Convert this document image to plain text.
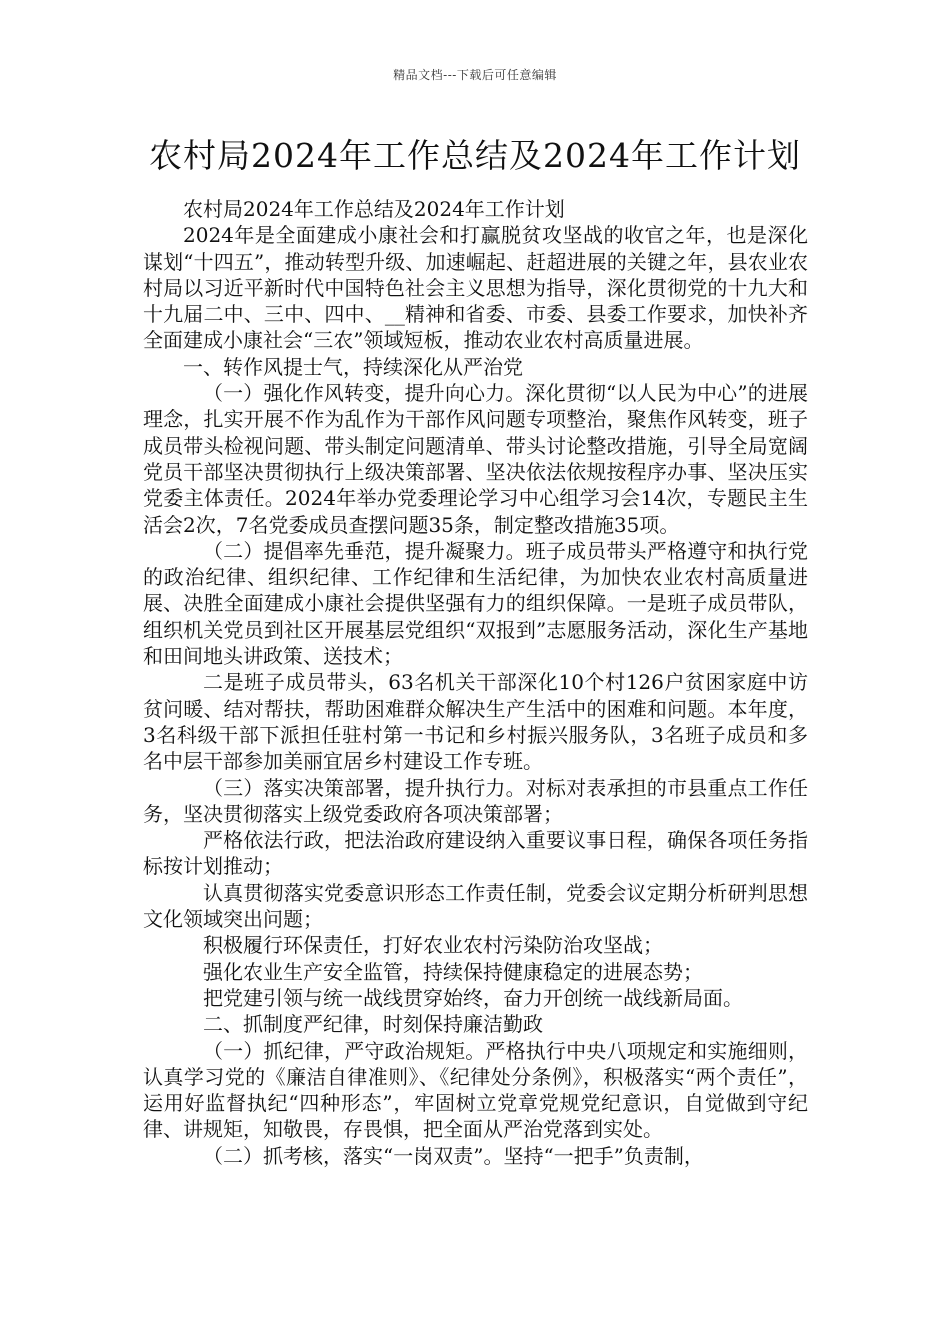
精品文档---下载后可任意编辑
农村局2024年工作总结及2024年工作计划

农村局2024年工作总结及2024年工作计划

2024年是全面建成小康社会和打赢脱贫攻坚战的收官之年，也是深化谋划“十四五”，推动转型升级、加速崛起、赶超进展的关键之年，县农业农村局以习近平新时代中国特色社会主义思想为指导，深化贯彻党的十九大和十九届二中、三中、四中、__精神和省委、市委、县委工作要求，加快补齐全面建成小康社会“三农”领域短板，推动农业农村高质量进展。

一、转作风提士气，持续深化从严治党

（一）强化作风转变，提升向心力。深化贯彻“以人民为中心”的进展理念，扎实开展不作为乱作为干部作风问题专项整治，聚焦作风转变，班子成员带头检视问题、带头制定问题清单、带头讨论整改措施，引导全局宽阔党员干部坚决贯彻执行上级决策部署、坚决依法依规按程序办事、坚决压实党委主体责任。2024年举办党委理论学习中心组学习会14次，专题民主生活会2次，7名党委成员查摆问题35条，制定整改措施35项。

（二）提倡率先垂范，提升凝聚力。班子成员带头严格遵守和执行党的政治纪律、组织纪律、工作纪律和生活纪律，为加快农业农村高质量进展、决胜全面建成小康社会提供坚强有力的组织保障。一是班子成员带队，组织机关党员到社区开展基层党组织“双报到”志愿服务活动，深化生产基地和田间地头讲政策、送技术；

二是班子成员带头，63名机关干部深化10个村126户贫困家庭中访贫问暖、结对帮扶，帮助困难群众解决生产生活中的困难和问题。本年度，3名科级干部下派担任驻村第一书记和乡村振兴服务队，3名班子成员和多名中层干部参加美丽宜居乡村建设工作专班。

（三）落实决策部署，提升执行力。对标对表承担的市县重点工作任务，坚决贯彻落实上级党委政府各项决策部署；

严格依法行政，把法治政府建设纳入重要议事日程，确保各项任务指标按计划推动；

认真贯彻落实党委意识形态工作责任制，党委会议定期分析研判思想文化领域突出问题；

积极履行环保责任，打好农业农村污染防治攻坚战；

强化农业生产安全监管，持续保持健康稳定的进展态势；

把党建引领与统一战线贯穿始终，奋力开创统一战线新局面。

二、抓制度严纪律，时刻保持廉洁勤政

（一）抓纪律，严守政治规矩。严格执行中央八项规定和实施细则，认真学习党的《廉洁自律准则》、《纪律处分条例》，积极落实“两个责任”，运用好监督执纪“四种形态”，牢固树立党章党规党纪意识，自觉做到守纪律、讲规矩，知敬畏，存畏惧，把全面从严治党落到实处。

（二）抓考核，落实“一岗双责”。坚持“一把手”负责制，
